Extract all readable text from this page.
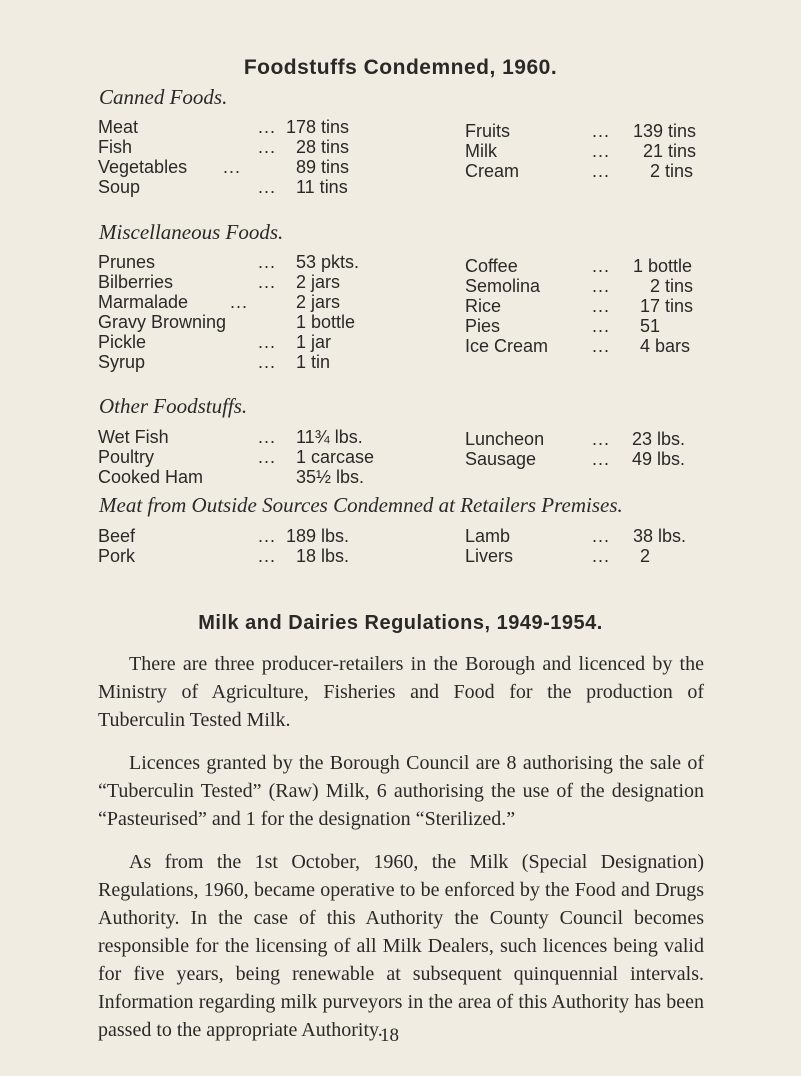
Foodstuffs Condemned, 1960.
Canned Foods.
Meat	... 178 tins
Fish	... 28 tins
Vegetables ...	89 tins
Soup	... 11 tins
Fruits	... 139 tins
Milk	... 21 tins
Cream	... 2 tins
Miscellaneous Foods.
Prunes	... 53 pkts.
Bilberries	... 2 jars
Marmalade ...	2 jars
Gravy Browning	1 bottle
Pickle	... 1 jar
Syrup	... 1 tin
Coffee	... 1 bottle
Semolina	... 2 tins
Rice	... 17 tins
Pies	... 51
Ice Cream ... 4 bars
Other Foodstuffs.
Wet Fish	... 11¾ lbs.
Poultry	... 1 carcase
Cooked Ham	35½ lbs.
Luncheon	... 23 lbs.
Sausage	... 49 lbs.
Meat from Outside Sources Condemned at Retailers Premises.
Beef	... 189 lbs.
Pork	... 18 lbs.
Lamb	... 38 lbs.
Livers	... 2
Milk and Dairies Regulations, 1949-1954.

There are three producer-retailers in the Borough and licenced by the Ministry of Agriculture, Fisheries and Food for the production of Tuberculin Tested Milk.

Licences granted by the Borough Council are 8 authorising the sale of “Tuberculin Tested” (Raw) Milk, 6 authorising the use of the designation “Pasteurised” and 1 for the designation “Sterilized.”

As from the 1st October, 1960, the Milk (Special Designation) Regulations, 1960, became operative to be enforced by the Food and Drugs Authority. In the case of this Authority the County Council becomes responsible for the licensing of all Milk Dealers, such licences being valid for five years, being renewable at subsequent quinquennial intervals. Information regarding milk purveyors in the area of this Authority has been passed to the appropriate Authority.

18
